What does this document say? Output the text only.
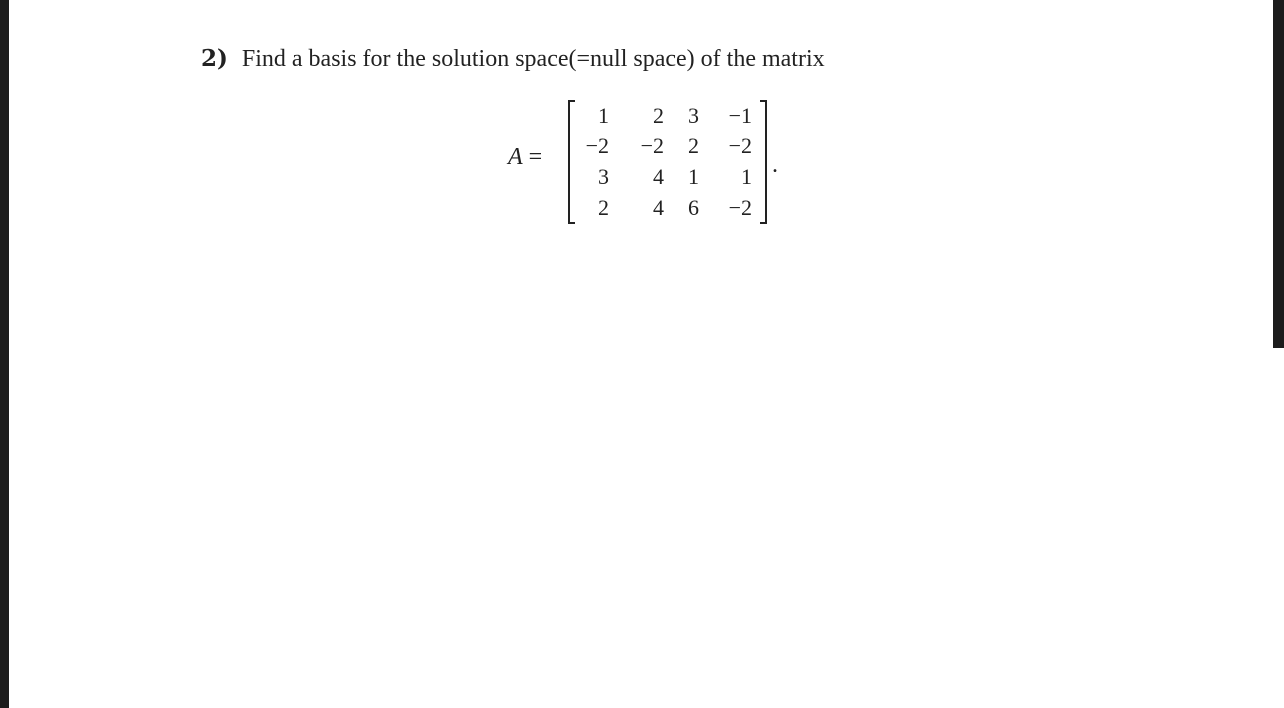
2) Find a basis for the solution space(=null space) of the matrix
A =
1 2 3 −1
−2 −2 2 −2
3 4 1 1
2 4 6 −2
.
